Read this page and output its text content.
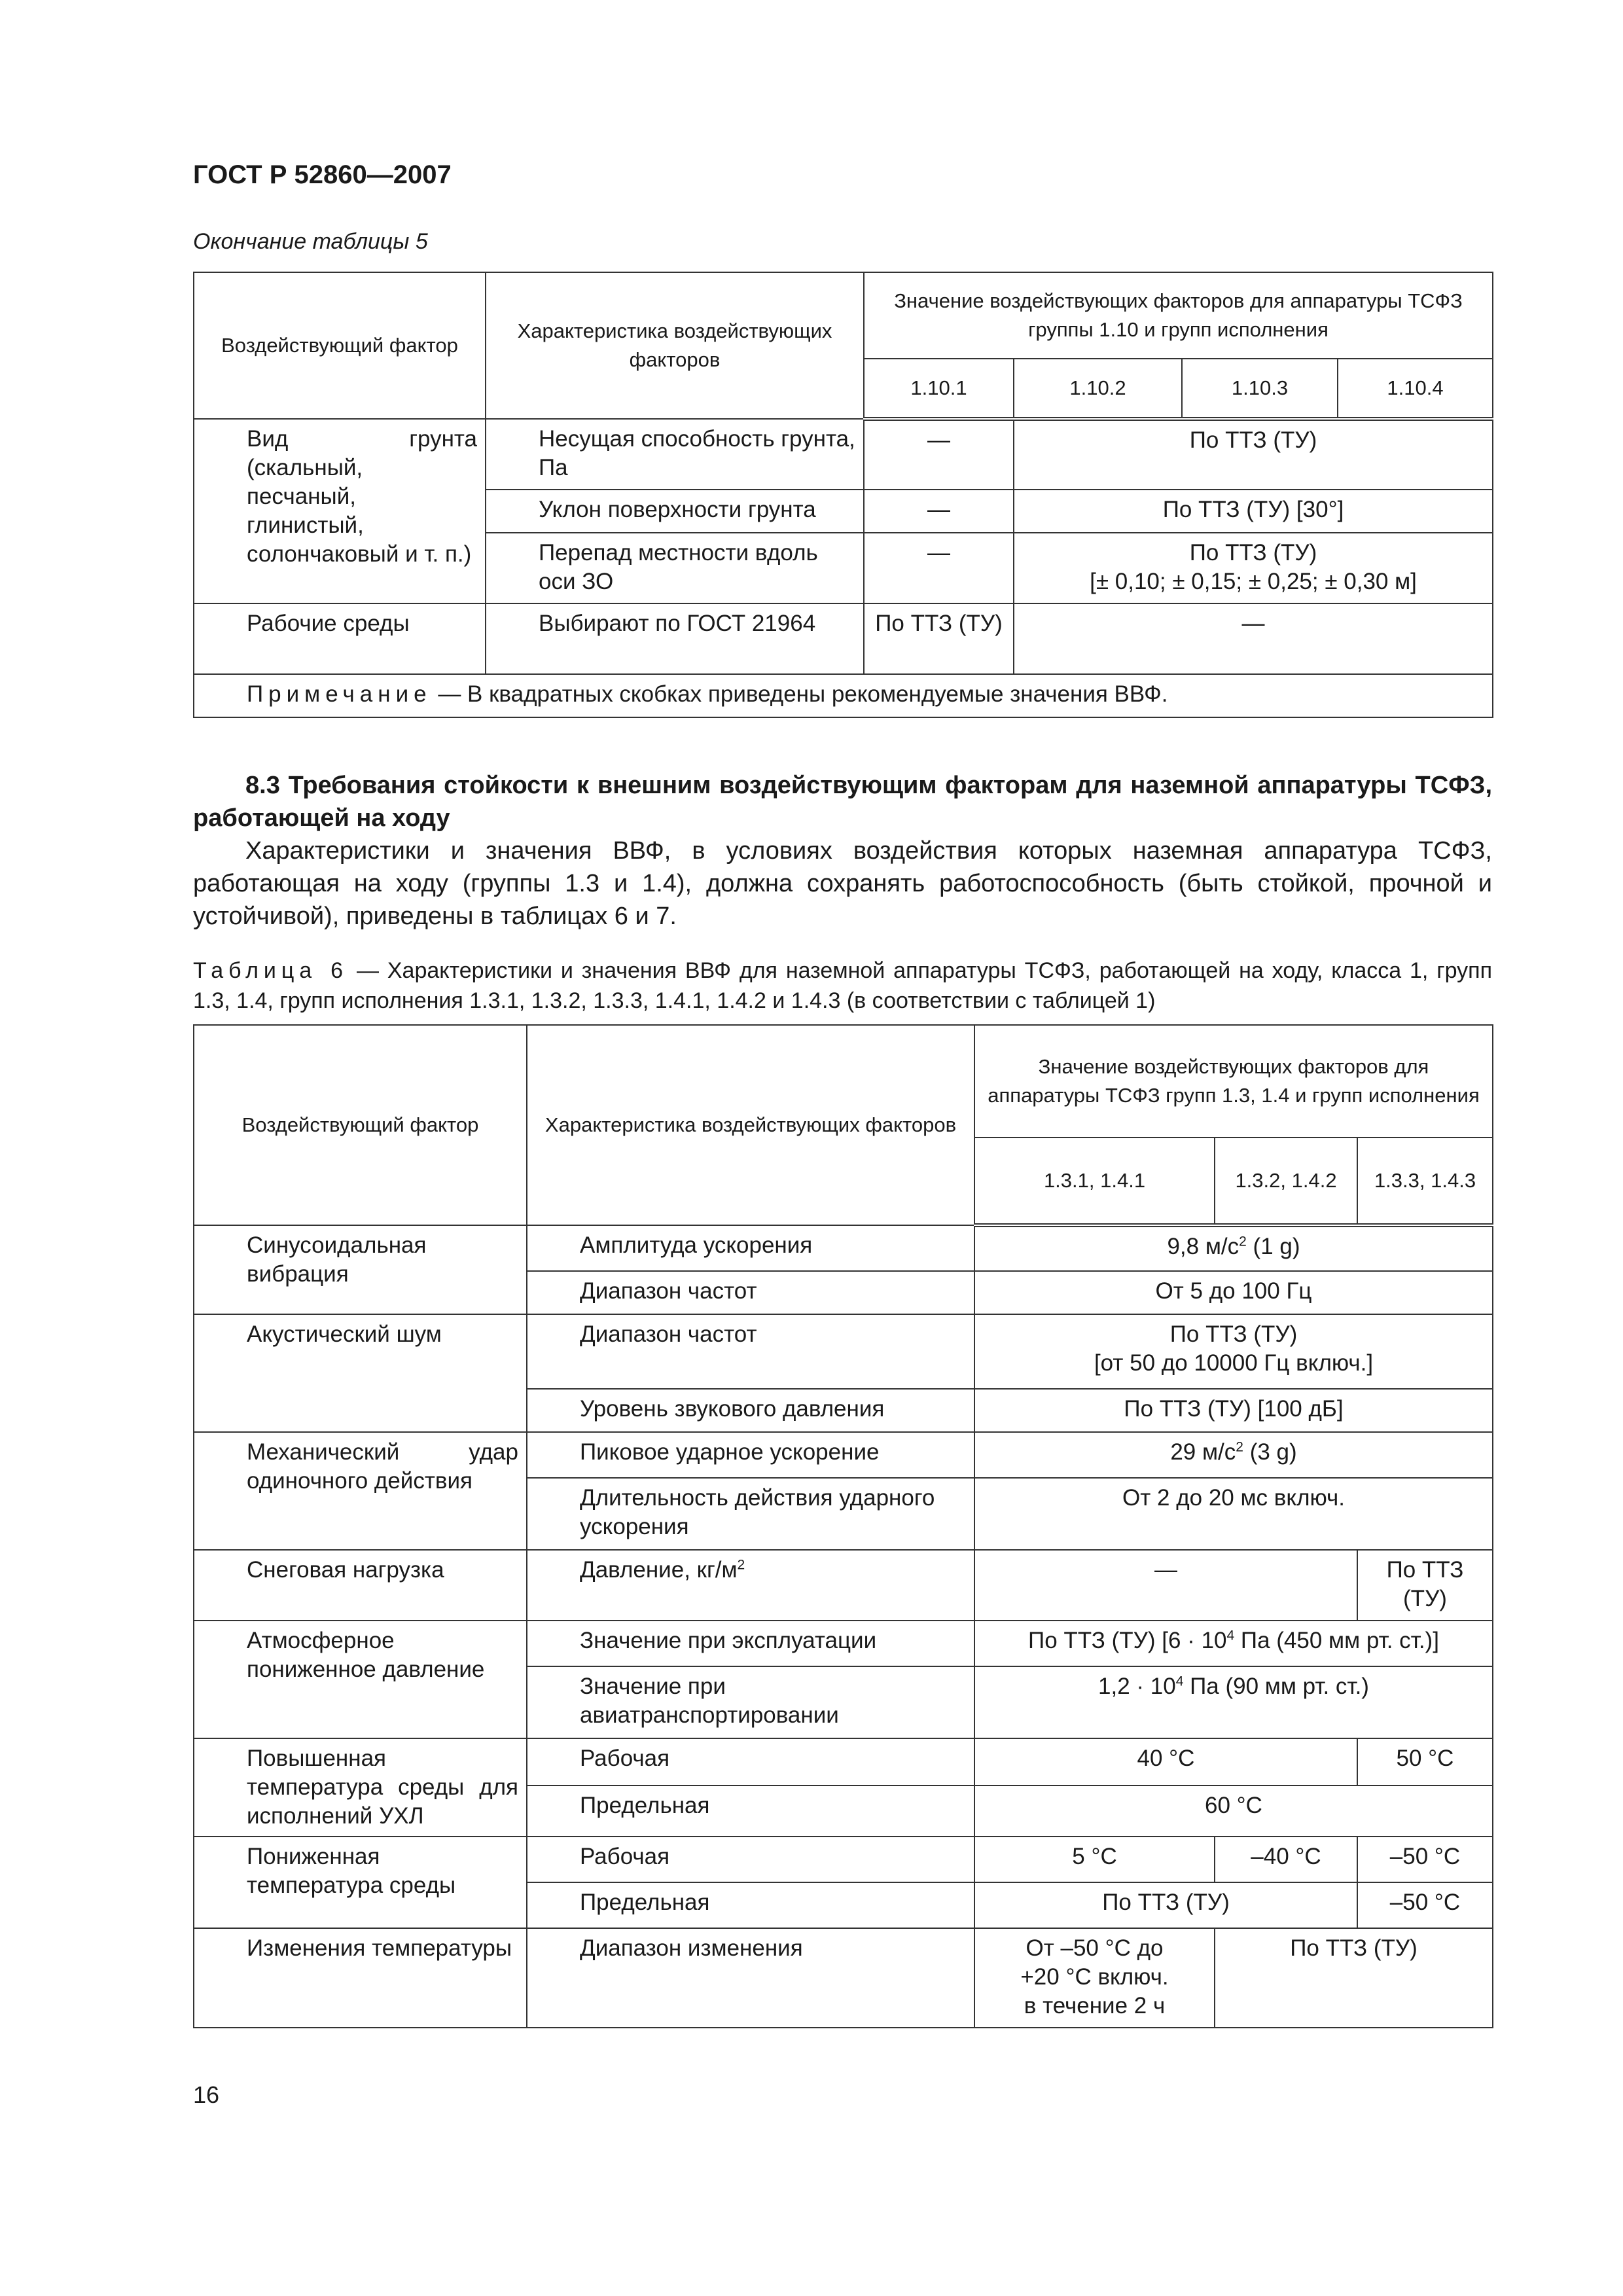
ГОСТ Р 52860—2007
Окончание таблицы 5
Воздействующий фактор	Характеристика воздействующих факторов	Значение воздействующих факторов для аппаратуры ТСФЗ группы 1.10 и групп исполнения			
		1.10.1	1.10.2	1.10.3	1.10.4
Вид грунта (скальный, песчаный, глинистый, солончаковый и т. п.)	Несущая способность грунта, Па	—	По ТТЗ (ТУ)		
	Уклон поверхности грунта	—	По ТТЗ (ТУ) [30°]		
	Перепад местности вдоль оси ЗО	—	По ТТЗ (ТУ)
[± 0,10; ± 0,15; ± 0,25; ± 0,30 м]		

Рабочие среды	Выбирают по ГОСТ 21964	По ТТЗ (ТУ)	—		
Примечание — В квадратных скобках приведены рекомендуемые значения ВВФ.					
8.3 Требования стойкости к внешним воздействующим факторам для наземной аппаратуры ТСФЗ, работающей на ходу
Характеристики и значения ВВФ, в условиях воздействия которых наземная аппаратура ТСФЗ, работающая на ходу (группы 1.3 и 1.4), должна сохранять работоспособность (быть стойкой, прочной и устойчивой), приведены в таблицах 6 и 7.
Таблица 6 — Характеристики и значения ВВФ для наземной аппаратуры ТСФЗ, работающей на ходу, класса 1, групп 1.3, 1.4, групп исполнения 1.3.1, 1.3.2, 1.3.3, 1.4.1, 1.4.2 и 1.4.3 (в соответствии с таблицей 1)
Воздействующий фактор	Характеристика воздействующих факторов	Значение воздействующих факторов для аппаратуры ТСФЗ групп 1.3, 1.4 и групп исполнения		
		1.3.1, 1.4.1	1.3.2, 1.4.2	1.3.3, 1.4.3
Синусоидальная вибрация	Амплитуда ускорения	9,8 $м/с^2$ (1 g)		
	Диапазон частот	От 5 до 100 Гц		
Акустический шум	Диапазон частот	По ТТЗ (ТУ)
[от 50 до 10000 Гц включ.]		

	Уровень звукового давления	По ТТЗ (ТУ) [100 дБ]		
Механический удар одиночного действия	Пиковое ударное ускорение	29 $м/с^2$ (3 g)		
	Длительность действия ударного ускорения	От 2 до 20 мс включ.		
Снеговая нагрузка	Давление, $кг/м^2$	—		По ТТЗ (ТУ)
Атмосферное пониженное давление	Значение при эксплуатации	По ТТЗ (ТУ) [$6 \cdot 10^4$ Па (450 мм рт. ст.)]		
	Значение при авиатранспортировании	$1,2 \cdot 10^4$ Па (90 мм рт. ст.)		
Повышенная температура среды для исполнений УХЛ	Рабочая	40 °С		50 °С
	Предельная	60 °С		
Пониженная температура среды	Рабочая	5 °С	–40 °С	–50 °С
	Предельная	По ТТЗ (ТУ)		–50 °С
Изменения температуры	Диапазон изменения	От –50 °С до +20 °С включ. в течение 2 ч	По ТТЗ (ТУ)	
16
